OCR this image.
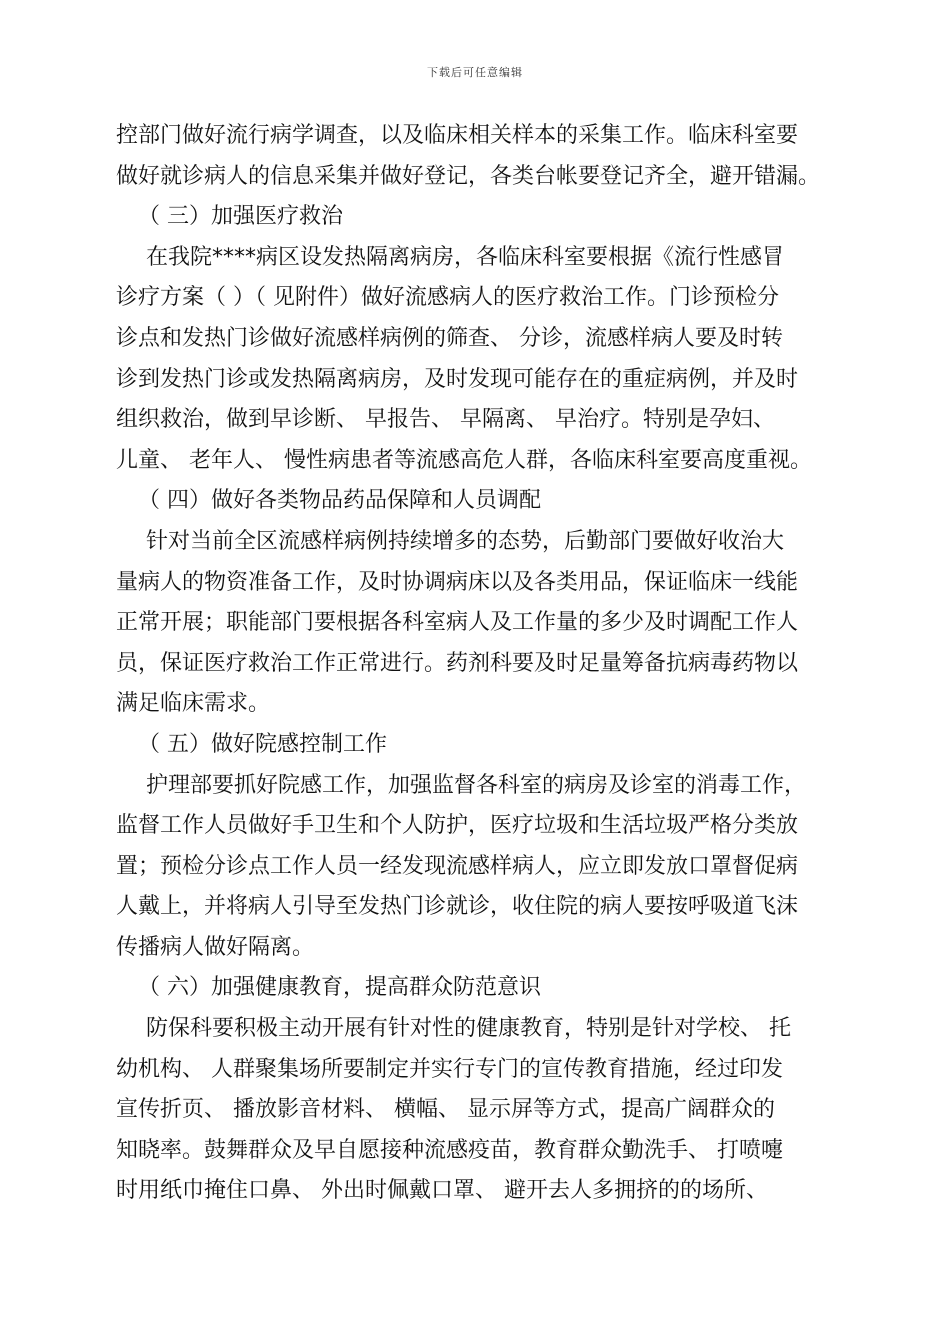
下载后可任意编辑
控部门做好流行病学调查，以及临床相关样本的采集工作。临床科室要
做好就诊病人的信息采集并做好登记，各类台帐要登记齐全，避开错漏。
（ 三）加强医疗救治
在我院****病区设发热隔离病房，各临床科室要根据《流行性感冒
诊疗方案（ ）（ 见附件）做好流感病人的医疗救治工作。门诊预检分
诊点和发热门诊做好流感样病例的筛查、 分诊，流感样病人要及时转
诊到发热门诊或发热隔离病房，及时发现可能存在的重症病例，并及时
组织救治，做到早诊断、 早报告、 早隔离、 早治疗。特别是孕妇、
儿童、 老年人、 慢性病患者等流感高危人群，各临床科室要高度重视。
（ 四）做好各类物品药品保障和人员调配
针对当前全区流感样病例持续增多的态势，后勤部门要做好收治大
量病人的物资准备工作，及时协调病床以及各类用品，保证临床一线能
正常开展；职能部门要根据各科室病人及工作量的多少及时调配工作人
员，保证医疗救治工作正常进行。药剂科要及时足量筹备抗病毒药物以
满足临床需求。
（ 五）做好院感控制工作
护理部要抓好院感工作，加强监督各科室的病房及诊室的消毒工作，
监督工作人员做好手卫生和个人防护，医疗垃圾和生活垃圾严格分类放
置；预检分诊点工作人员一经发现流感样病人，应立即发放口罩督促病
人戴上，并将病人引导至发热门诊就诊，收住院的病人要按呼吸道飞沫
传播病人做好隔离。
（ 六）加强健康教育，提高群众防范意识
防保科要积极主动开展有针对性的健康教育，特别是针对学校、 托
幼机构、 人群聚集场所要制定并实行专门的宣传教育措施，经过印发
宣传折页、 播放影音材料、 横幅、 显示屏等方式，提高广阔群众的
知晓率。鼓舞群众及早自愿接种流感疫苗，教育群众勤洗手、 打喷嚏
时用纸巾掩住口鼻、 外出时佩戴口罩、 避开去人多拥挤的的场所、
